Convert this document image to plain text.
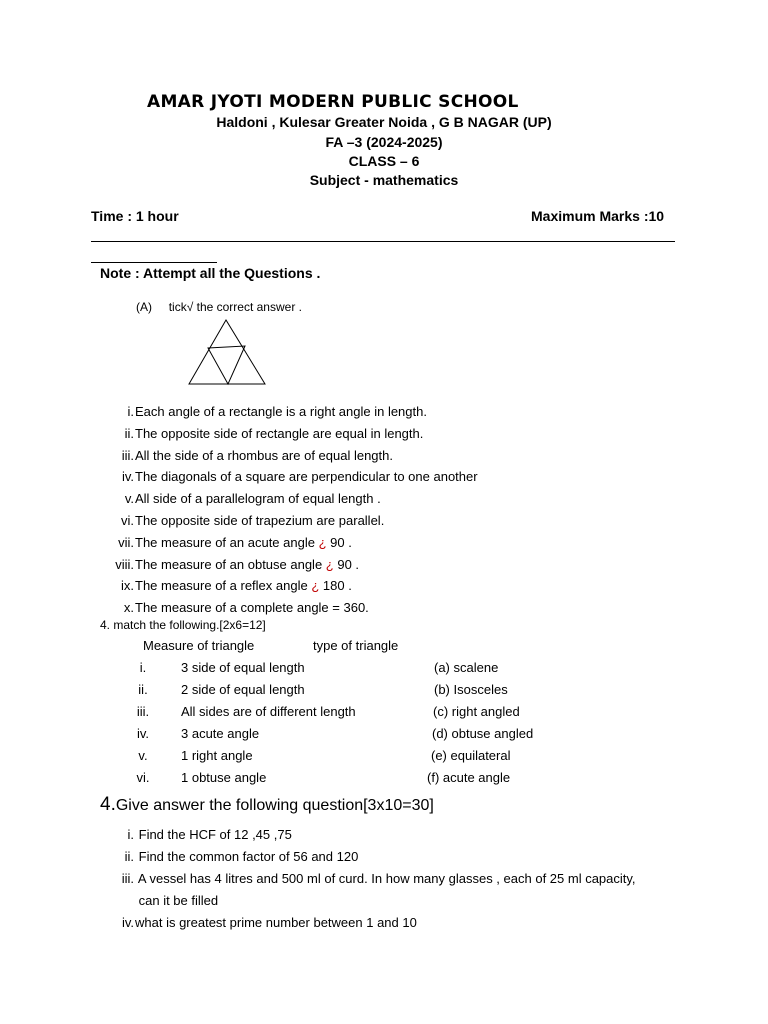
AMAR JYOTI MODERN PUBLIC SCHOOL
Haldoni , Kulesar Greater Noida , G B NAGAR (UP)
FA –3 (2024-2025)
CLASS – 6
Subject - mathematics
Time : 1 hour	Maximum Marks :10
Note : Attempt all the Questions .
(A) tick√ the correct answer .
i.Each angle of a rectangle is a right angle in length.
ii.The opposite side of rectangle are equal in length.
iii.All the side of a rhombus are of equal length.
iv.The diagonals of a square are perpendicular to one another
v.All side of a parallelogram of equal length .
vi.The opposite side of trapezium are parallel.
vii.The measure of an acute angle ¿ 90 .
viii.The measure of an obtuse angle ¿ 90 .
ix.The measure of a reflex angle ¿ 180 .
x.The measure of a complete angle = 360.
4. match the following.[2x6=12]
Measure of triangle	type of triangle
i.	3 side of equal length	(a) scalene
ii.	2 side of equal length	(b) Isosceles
iii.	All sides are of different length	(c) right angled
iv.	3 acute angle	(d) obtuse angled
v.	1 right angle	(e) equilateral
vi.	1 obtuse angle	(f) acute angle
4.Give answer the following question[3x10=30]
i. Find the HCF of 12 ,45 ,75
ii. Find the common factor of 56 and 120
iii. A vessel has 4 litres and 500 ml of curd. In how many glasses , each of 25 ml capacity,
can it be filled
iv.what is greatest prime number between 1 and 10
